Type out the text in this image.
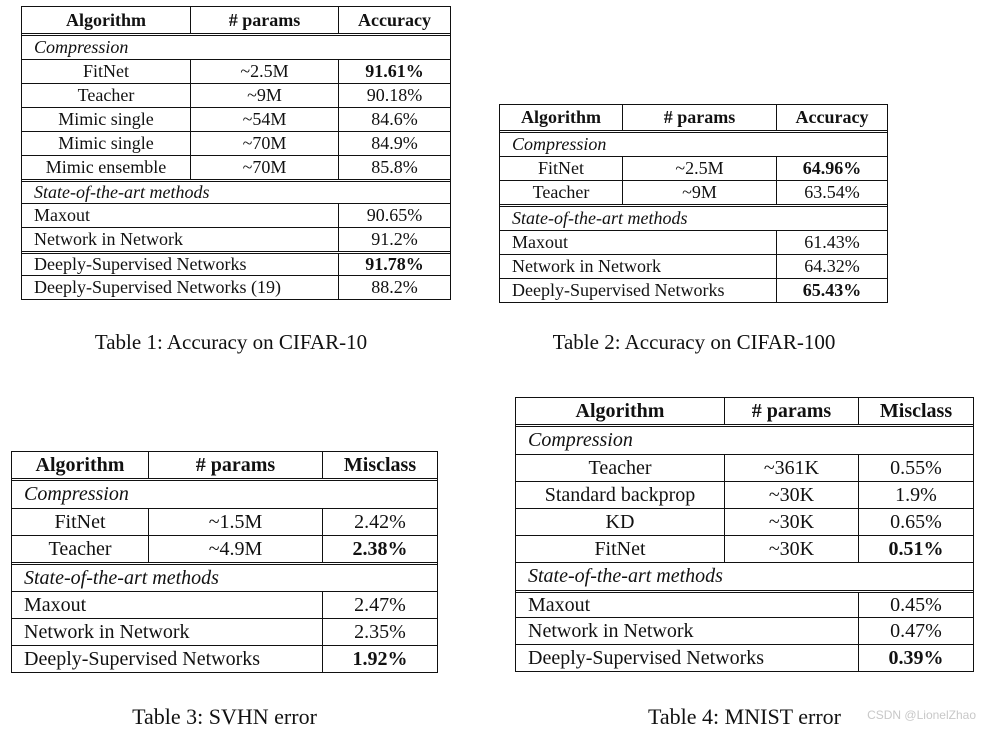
Algorithm	# params	Accuracy
Compression
FitNet	~2.5M	91.61%
Teacher	~9M	90.18%
Mimic single	~54M	84.6%
Mimic single	~70M	84.9%
Mimic ensemble	~70M	85.8%
State-of-the-art methods
Maxout	90.65%
Network in Network	91.2%
Deeply-Supervised Networks	91.78%
Deeply-Supervised Networks (19)	88.2%
Table 1: Accuracy on CIFAR-10
Algorithm	# params	Accuracy
Compression
FitNet	~2.5M	64.96%
Teacher	~9M	63.54%
State-of-the-art methods
Maxout	61.43%
Network in Network	64.32%
Deeply-Supervised Networks	65.43%
Table 2: Accuracy on CIFAR-100
Algorithm	# params	Misclass
Compression
FitNet	~1.5M	2.42%
Teacher	~4.9M	2.38%
State-of-the-art methods
Maxout	2.47%
Network in Network	2.35%
Deeply-Supervised Networks	1.92%
Table 3: SVHN error
Algorithm	# params	Misclass
Compression
Teacher	~361K	0.55%
Standard backprop	~30K	1.9%
KD	~30K	0.65%
FitNet	~30K	0.51%
State-of-the-art methods
Maxout	0.45%
Network in Network	0.47%
Deeply-Supervised Networks	0.39%
Table 4: MNIST error	CSDN @LionelZhao
